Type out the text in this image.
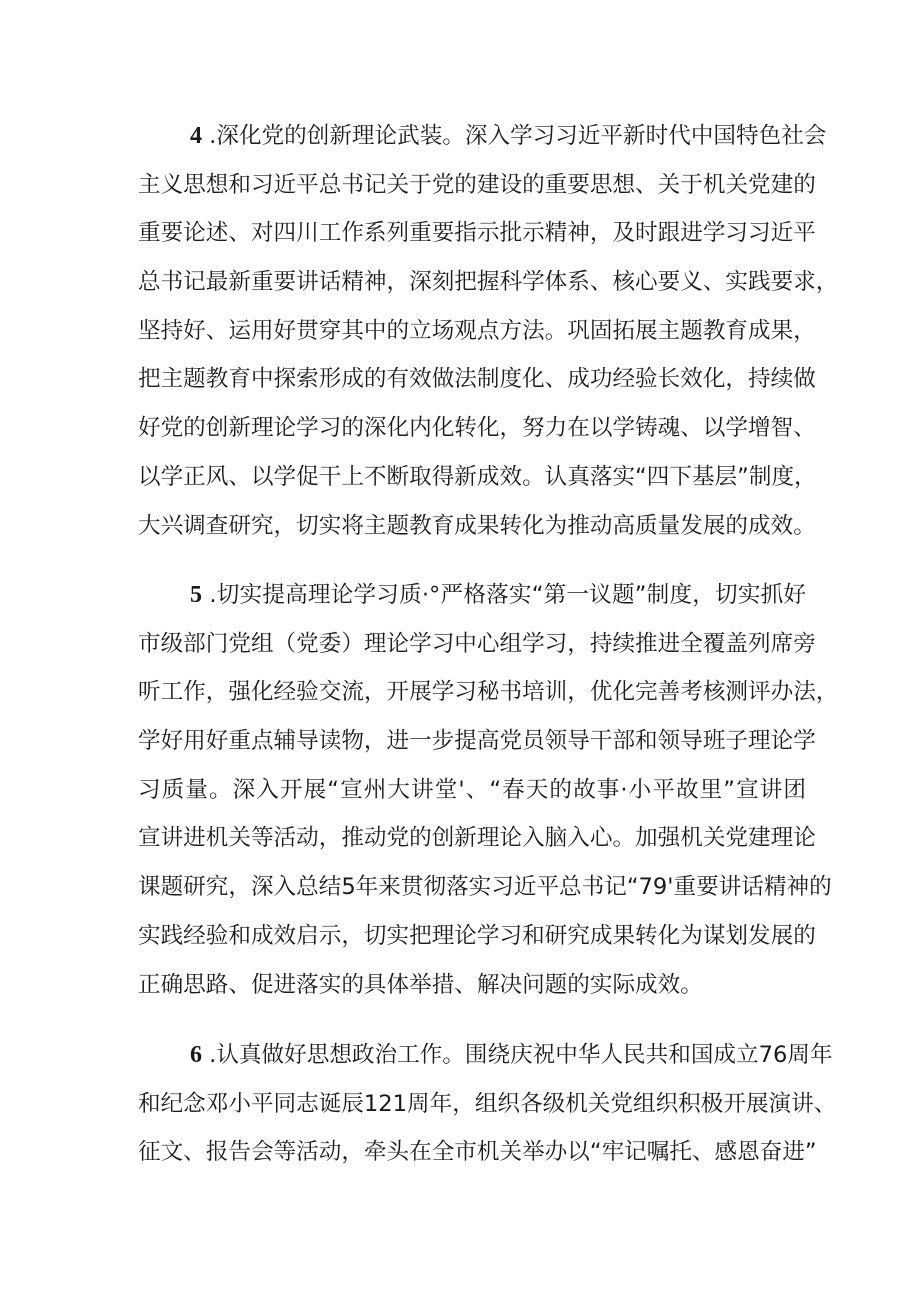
4 .深化党的创新理论武装。深入学习习近平新时代中国特色社会
主义思想和习近平总书记关于党的建设的重要思想、关于机关党建的
重要论述、对四川工作系列重要指示批示精神，及时跟进学习习近平
总书记最新重要讲话精神，深刻把握科学体系、核心要义、实践要求，
坚持好、运用好贯穿其中的立场观点方法。巩固拓展主题教育成果，
把主题教育中探索形成的有效做法制度化、成功经验长效化，持续做
好党的创新理论学习的深化内化转化，努力在以学铸魂、以学增智、
以学正风、以学促干上不断取得新成效。认真落实“四下基层”制度，
大兴调查研究，切实将主题教育成果转化为推动高质量发展的成效。
5 .切实提高理论学习质·°严格落实“第一议题”制度，切实抓好
市级部门党组（党委）理论学习中心组学习，持续推进全覆盖列席旁
听工作，强化经验交流，开展学习秘书培训，优化完善考核测评办法，
学好用好重点辅导读物，进一步提高党员领导干部和领导班子理论学
习质量。深入开展“宣州大讲堂'、“春天的故事·小平故里”宣讲团
宣讲进机关等活动，推动党的创新理论入脑入心。加强机关党建理论
课题研究，深入总结5年来贯彻落实习近平总书记“79'重要讲话精神的
实践经验和成效启示，切实把理论学习和研究成果转化为谋划发展的
正确思路、促进落实的具体举措、解决问题的实际成效。
6 .认真做好思想政治工作。围绕庆祝中华人民共和国成立76周年
和纪念邓小平同志诞辰121周年，组织各级机关党组织积极开展演讲、
征文、报告会等活动，牵头在全市机关举办以“牢记嘱托、感恩奋进”
